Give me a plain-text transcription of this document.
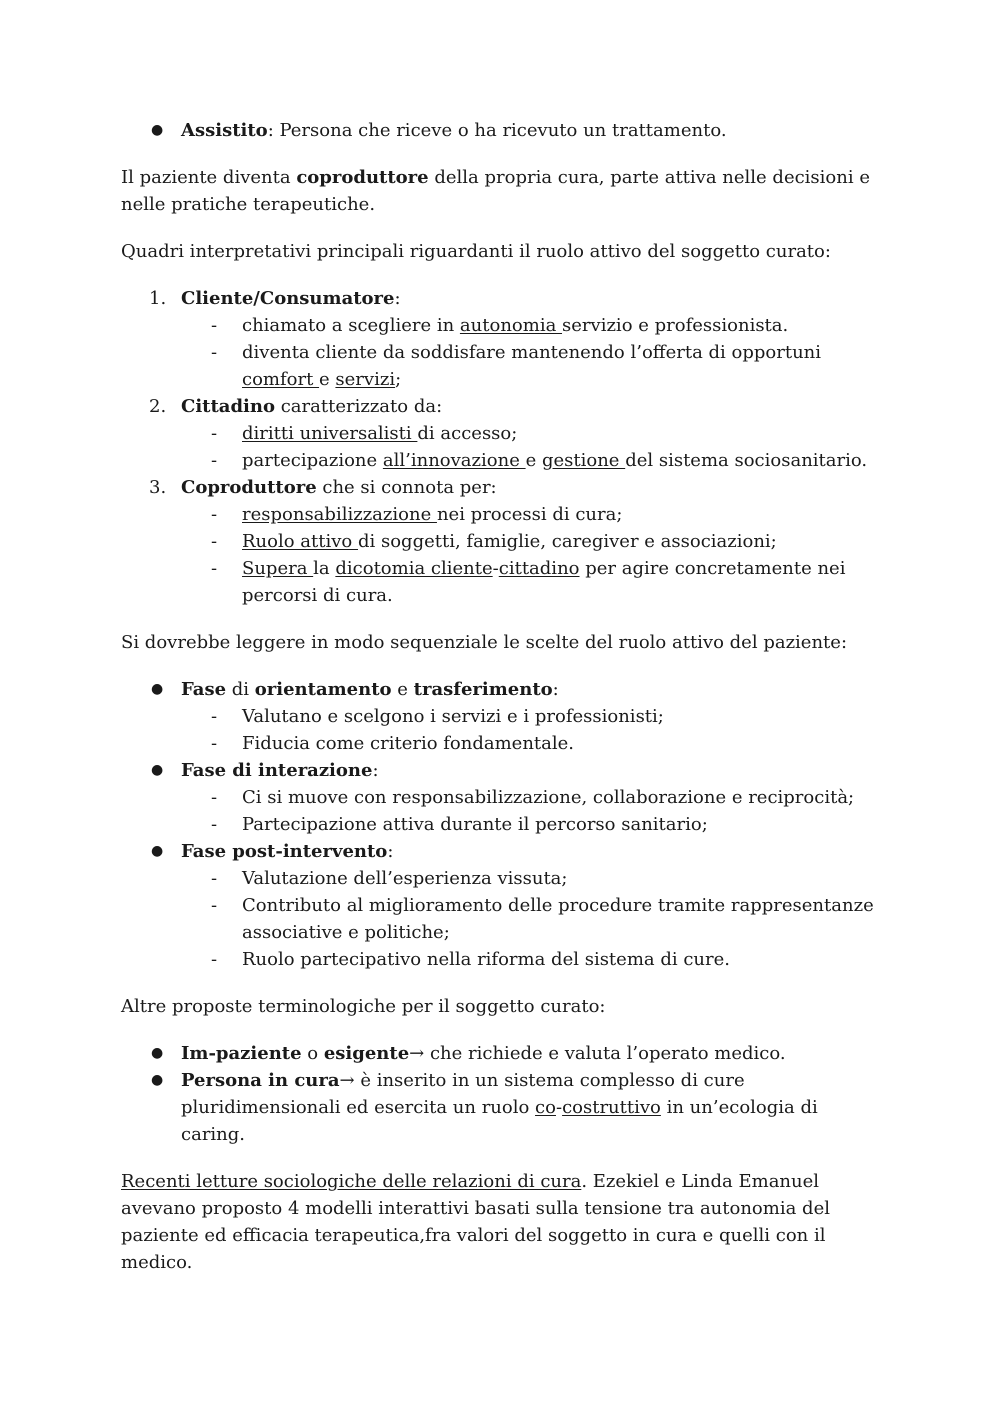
● Assistito: Persona che riceve o ha ricevuto un trattamento.

Il paziente diventa coproduttore della propria cura, parte attiva nelle decisioni e nelle pratiche terapeutiche.

Quadri interpretativi principali riguardanti il ruolo attivo del soggetto curato:

1. Cliente/Consumatore:
- chiamato a scegliere in autonomia servizio e professionista.
- diventa cliente da soddisfare mantenendo l’offerta di opportuni comfort e servizi;
2. Cittadino caratterizzato da:
- diritti universalisti di accesso;
- partecipazione all’innovazione e gestione del sistema sociosanitario.
3. Coproduttore che si connota per:
- responsabilizzazione nei processi di cura;
- Ruolo attivo di soggetti, famiglie, caregiver e associazioni;
- Supera la dicotomia cliente-cittadino per agire concretamente nei percorsi di cura.

Si dovrebbe leggere in modo sequenziale le scelte del ruolo attivo del paziente:

● Fase di orientamento e trasferimento:
- Valutano e scelgono i servizi e i professionisti;
- Fiducia come criterio fondamentale.
● Fase di interazione:
- Ci si muove con responsabilizzazione, collaborazione e reciprocità;
- Partecipazione attiva durante il percorso sanitario;
● Fase post-intervento:
- Valutazione dell’esperienza vissuta;
- Contributo al miglioramento delle procedure tramite rappresentanze associative e politiche;
- Ruolo partecipativo nella riforma del sistema di cure.

Altre proposte terminologiche per il soggetto curato:

● Im-paziente o esigente→ che richiede e valuta l’operato medico.
● Persona in cura→ è inserito in un sistema complesso di cure pluridimensionali ed esercita un ruolo co-costruttivo in un’ecologia di caring.

Recenti letture sociologiche delle relazioni di cura. Ezekiel e Linda Emanuel avevano proposto 4 modelli interattivi basati sulla tensione tra autonomia del paziente ed efficacia terapeutica,fra valori del soggetto in cura e quelli con il medico.
